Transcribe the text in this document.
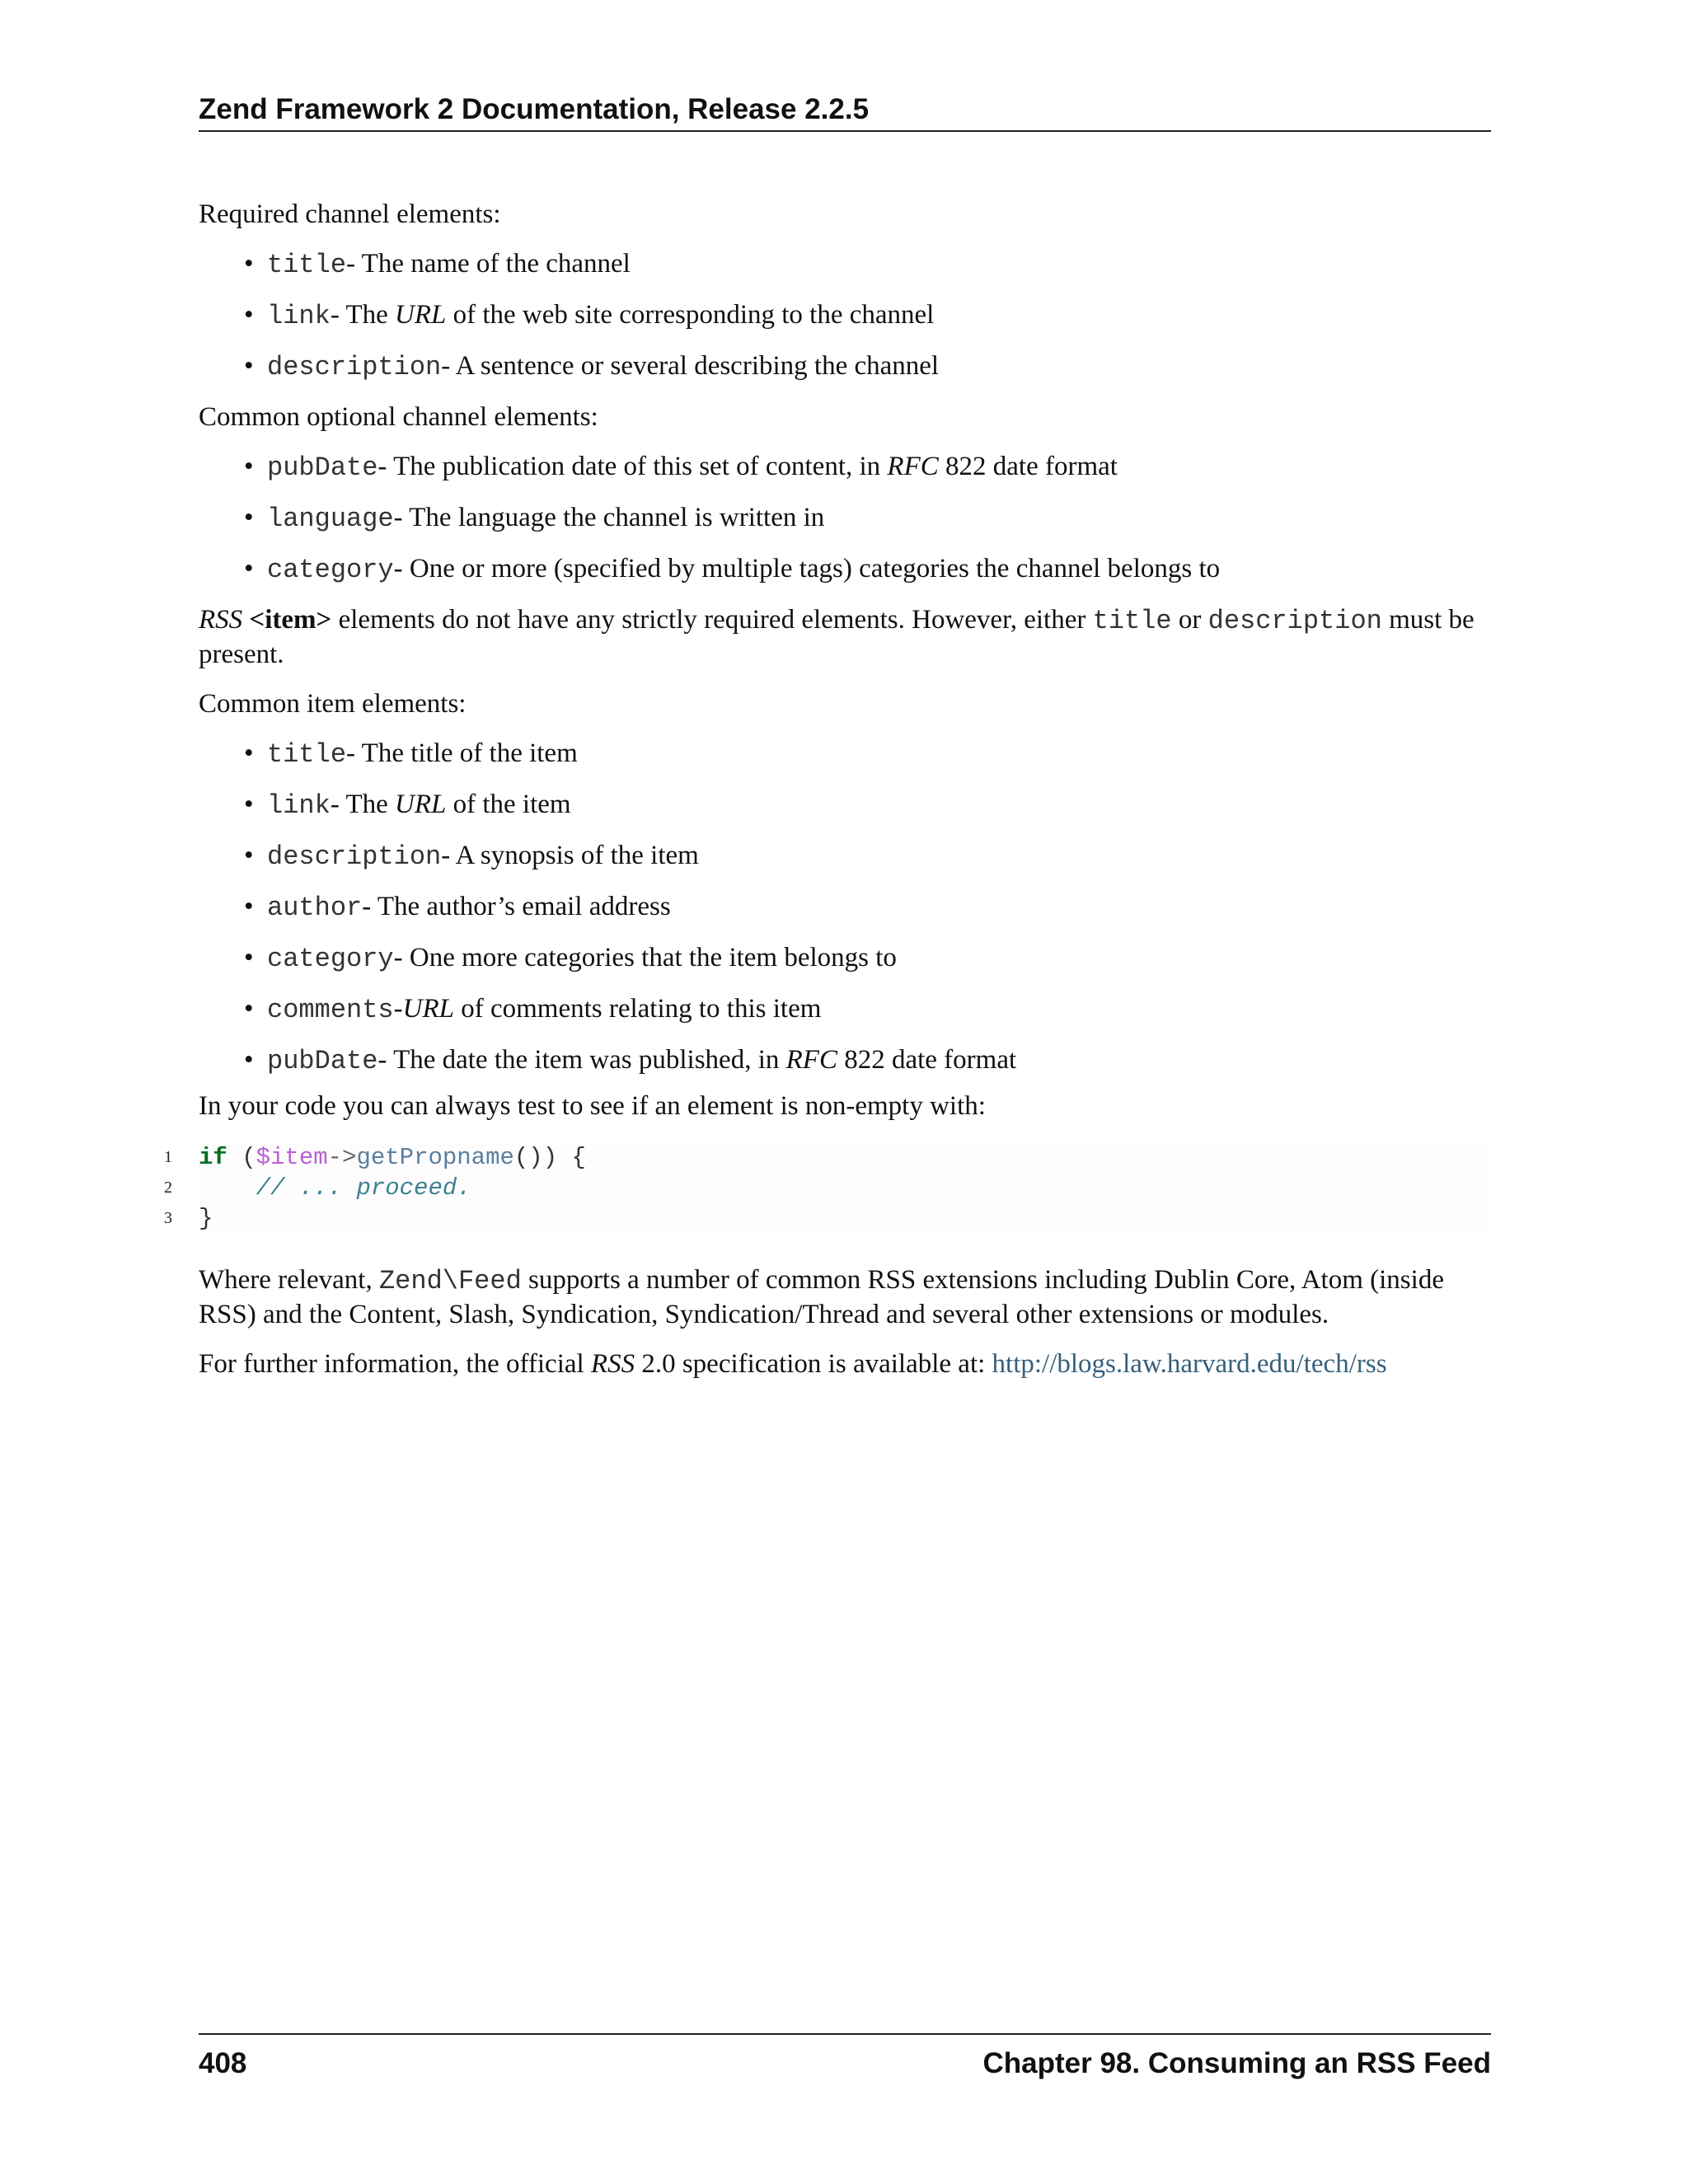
Zend Framework 2 Documentation, Release 2.2.5

Required channel elements:

• title- The name of the channel
• link- The URL of the web site corresponding to the channel
• description- A sentence or several describing the channel

Common optional channel elements:

• pubDate- The publication date of this set of content, in RFC 822 date format
• language- The language the channel is written in
• category- One or more (specified by multiple tags) categories the channel belongs to

RSS <item> elements do not have any strictly required elements. However, either title or description must be present.

Common item elements:

• title- The title of the item
• link- The URL of the item
• description- A synopsis of the item
• author- The author’s email address
• category- One more categories that the item belongs to
• comments-URL of comments relating to this item
• pubDate- The date the item was published, in RFC 822 date format

In your code you can always test to see if an element is non-empty with:

1 if ($item->getPropname()) {
2	// ... proceed.
3 }

Where relevant, Zend\Feed supports a number of common RSS extensions including Dublin Core, Atom (inside RSS) and the Content, Slash, Syndication, Syndication/Thread and several other extensions or modules.

For further information, the official RSS 2.0 specification is available at: http://blogs.law.harvard.edu/tech/rss

408	Chapter 98. Consuming an RSS Feed
